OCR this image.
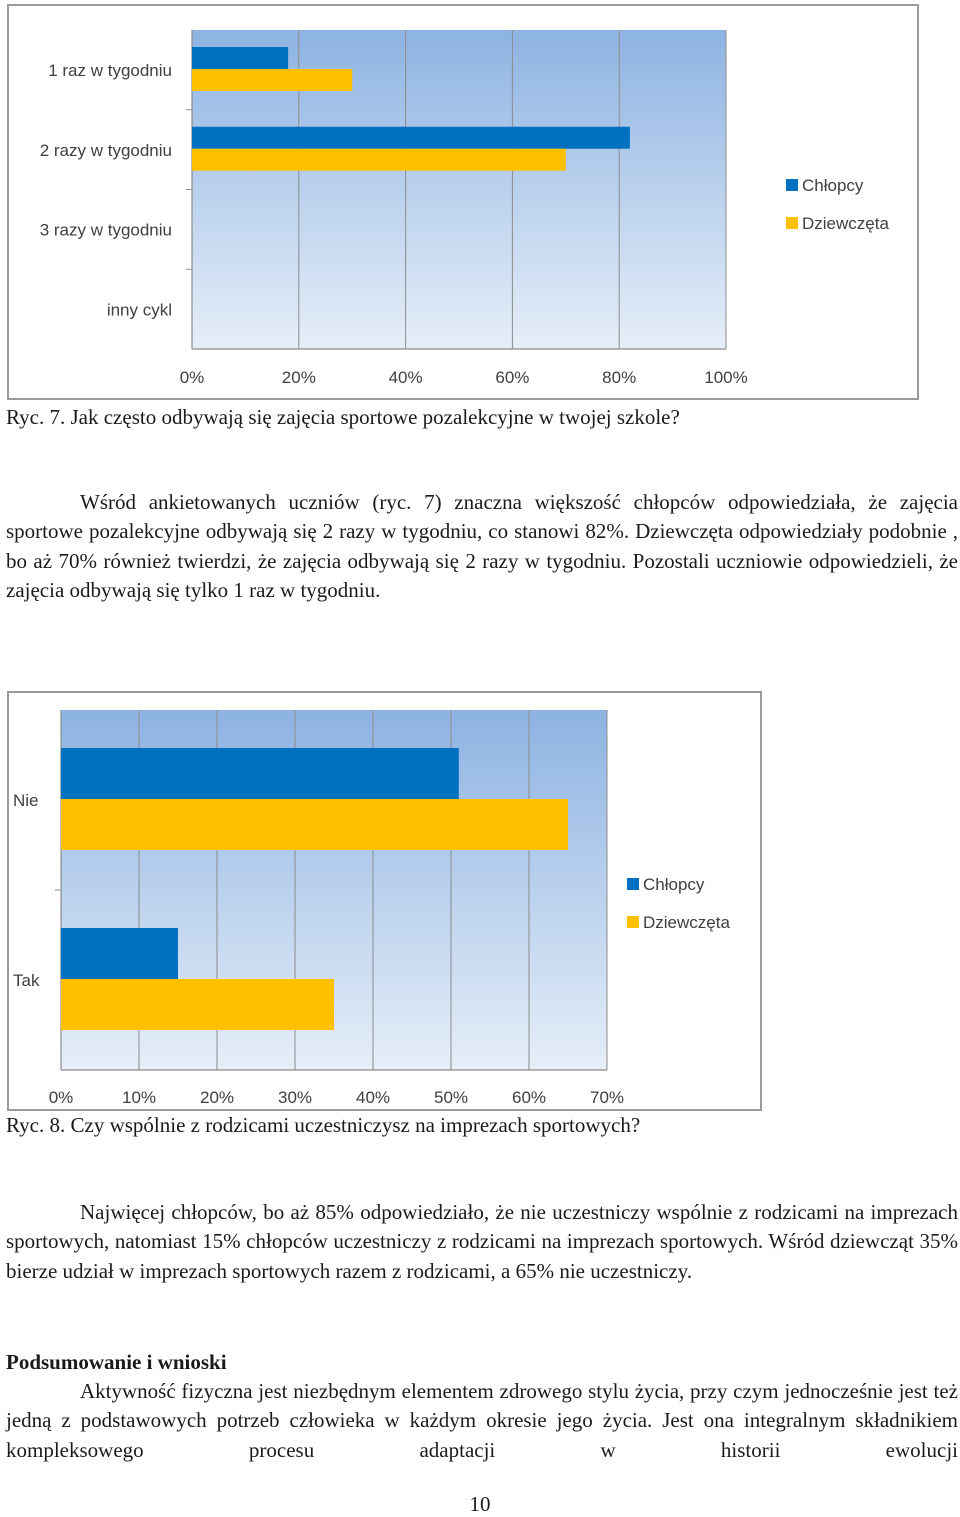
0%	20%	40%	60%	80%	100%
1 raz w tygodniu
2 razy w tygodniu
3 razy w tygodniu
inny cykl
Chłopcy
Dziewczęta
Ryc. 7. Jak często odbywają się zajęcia sportowe pozalekcyjne w twojej szkole?

Wśród ankietowanych uczniów (ryc. 7) znaczna większość chłopców odpowiedziała, że zajęcia sportowe pozalekcyjne odbywają się 2 razy w tygodniu, co stanowi 82%. Dziewczęta odpowiedziały podobnie , bo aż 70% również twierdzi, że zajęcia odbywają się 2 razy w tygodniu. Pozostali uczniowie odpowiedzieli, że zajęcia odbywają się tylko 1 raz w tygodniu.

0%	10%	20%	30%	40%	50%	60%	70%
Nie
Tak
Chłopcy
Dziewczęta
Ryc. 8. Czy wspólnie z rodzicami uczestniczysz na imprezach sportowych?

Najwięcej chłopców, bo aż 85% odpowiedziało, że nie uczestniczy wspólnie z rodzicami na imprezach sportowych, natomiast 15% chłopców uczestniczy z rodzicami na imprezach sportowych. Wśród dziewcząt 35% bierze udział w imprezach sportowych razem z rodzicami, a 65% nie uczestniczy.

Podsumowanie i wnioski

Aktywność fizyczna jest niezbędnym elementem zdrowego stylu życia, przy czym jednocześnie jest też jedną z podstawowych potrzeb człowieka w każdym okresie jego życia. Jest ona integralnym składnikiem kompleksowego procesu adaptacji w historii ewolucji

10
